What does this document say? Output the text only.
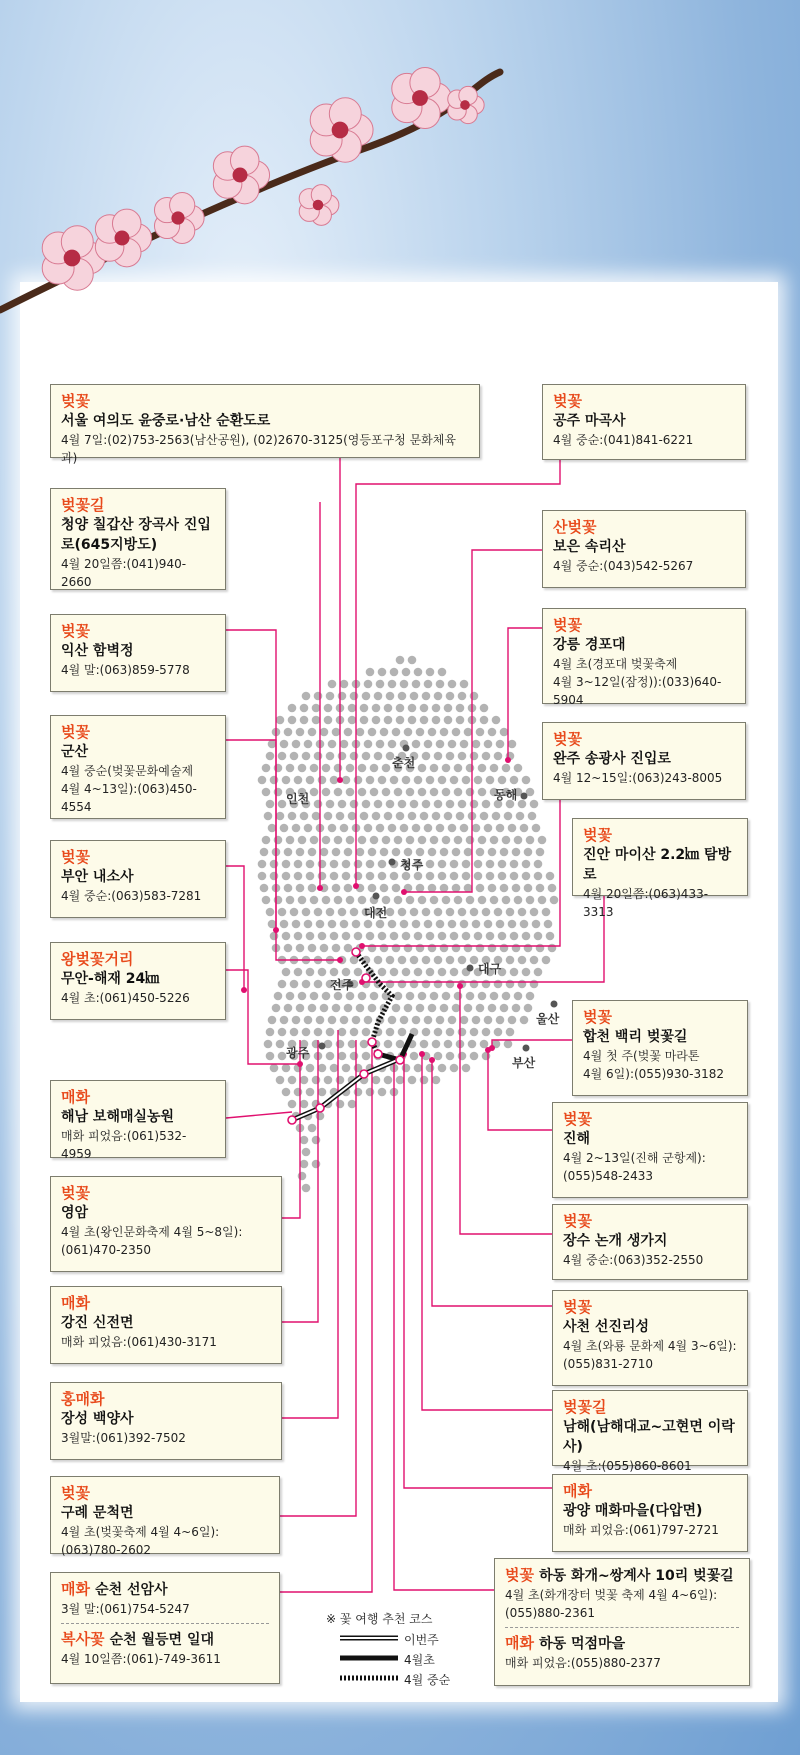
춘천
인천	동해
청주
대전
전주
대구
울산
광주
부산
벚꽃
서울 여의도 윤중로·남산 순환도로
4월 7일:(02)753-2563(남산공원), (02)2670-3125(영등포구청 문화체육과)
벚꽃길
청양 칠갑산 장곡사 진입로(645지방도)
4월 20일쯤:(041)940-2660
벚꽃
익산 함벽정
4월 말:(063)859-5778
벚꽃
군산
4월 중순(벚꽃문화예술제
4월 4~13일):(063)450-4554
벚꽃
부안 내소사
4월 중순:(063)583-7281
왕벚꽃거리
무안-해재 24㎞
4월 초:(061)450-5226
매화
해남 보해매실농원
매화 피었음:(061)532-4959
벚꽃
영암
4월 초(왕인문화축제 4월 5~8일):
(061)470-2350
매화
강진 신전면
매화 피었음:(061)430-3171
홍매화
장성 백양사
3월말:(061)392-7502
벚꽃
구례 문척면
4월 초(벚꽃축제 4월 4~6일):(063)780-2602
매화 순천 선암사
3월 말:(061)754-5247
복사꽃 순천 월등면 일대
4월 10일쯤:(061)-749-3611
벚꽃
공주 마곡사
4월 중순:(041)841-6221
산벚꽃
보은 속리산
4월 중순:(043)542-5267
벚꽃
강릉 경포대
4월 초(경포대 벚꽃축제
4월 3~12일(잠정)):(033)640-5904
벚꽃
완주 송광사 진입로
4월 12~15일:(063)243-8005
벚꽃
진안 마이산 2.2㎞ 탐방로
4월 20일쯤:(063)433-3313
벚꽃
합천 백리 벚꽃길
4월 첫 주(벚꽃 마라톤
4월 6일):(055)930-3182
벚꽃
진해
4월 2~13일(진해 군항제):
(055)548-2433
벚꽃
장수 논개 생가지
4월 중순:(063)352-2550
벚꽃
사천 선진리성
4월 초(와룡 문화제 4월 3~6일):
(055)831-2710
벚꽃길
남해(남해대교~고현면 이락사)
4월 초:(055)860-8601
매화
광양 매화마을(다압면)
매화 피었음:(061)797-2721
벚꽃 하동 화개~쌍계사 10리 벚꽃길
4월 초(화개장터 벚꽃 축제 4월 4~6일):
(055)880-2361
매화 하동 먹점마을
매화 피었음:(055)880-2377
※ 꽃 여행 추천 코스
이번주
4월초
4월 중순
